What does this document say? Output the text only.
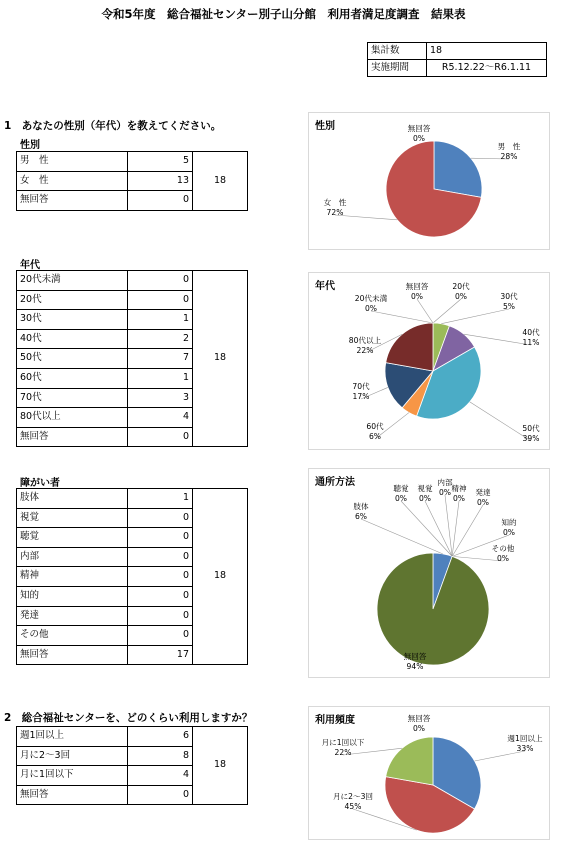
令和5年度　総合福祉センター別子山分館　利用者満足度調査　結果表
集計数	18
実施期間	R5.12.22〜R6.1.11
1　あなたの性別（年代）を教えてください。
性別
男　性	5	18
女　性	13	
無回答	0	
年代
20代未満	0	18
20代	0	
30代	1	
40代	2	
50代	7	
60代	1	
70代	3	
80代以上	4	
無回答	0	
障がい者
肢体	1	18
視覚	0	
聴覚	0	
内部	0	
精神	0	
知的	0	
発達	0	
その他	0	
無回答	17	
2　総合福祉センターを、どのくらい利用しますか？
週1回以上	6	18
月に2〜3回	8	
月に1回以下	4	
無回答	0	
性別
男　性
28%
女　性
72%
無回答
0%
年代
20代未満
0%
20代
0%	30代
5%
40代
11%
50代
39%
60代
6%
70代
17%
80代以上
22%
無回答
0%
通所方法
肢体
6%
視覚
0%
聴覚
0%
内部
0% 精神
0%
発達
0%
知的
0%
その他
0%
無回答
94%
利用頻度
週1回以上
33%
月に2〜3回
45%
月に1回以下
22%
無回答
0%
